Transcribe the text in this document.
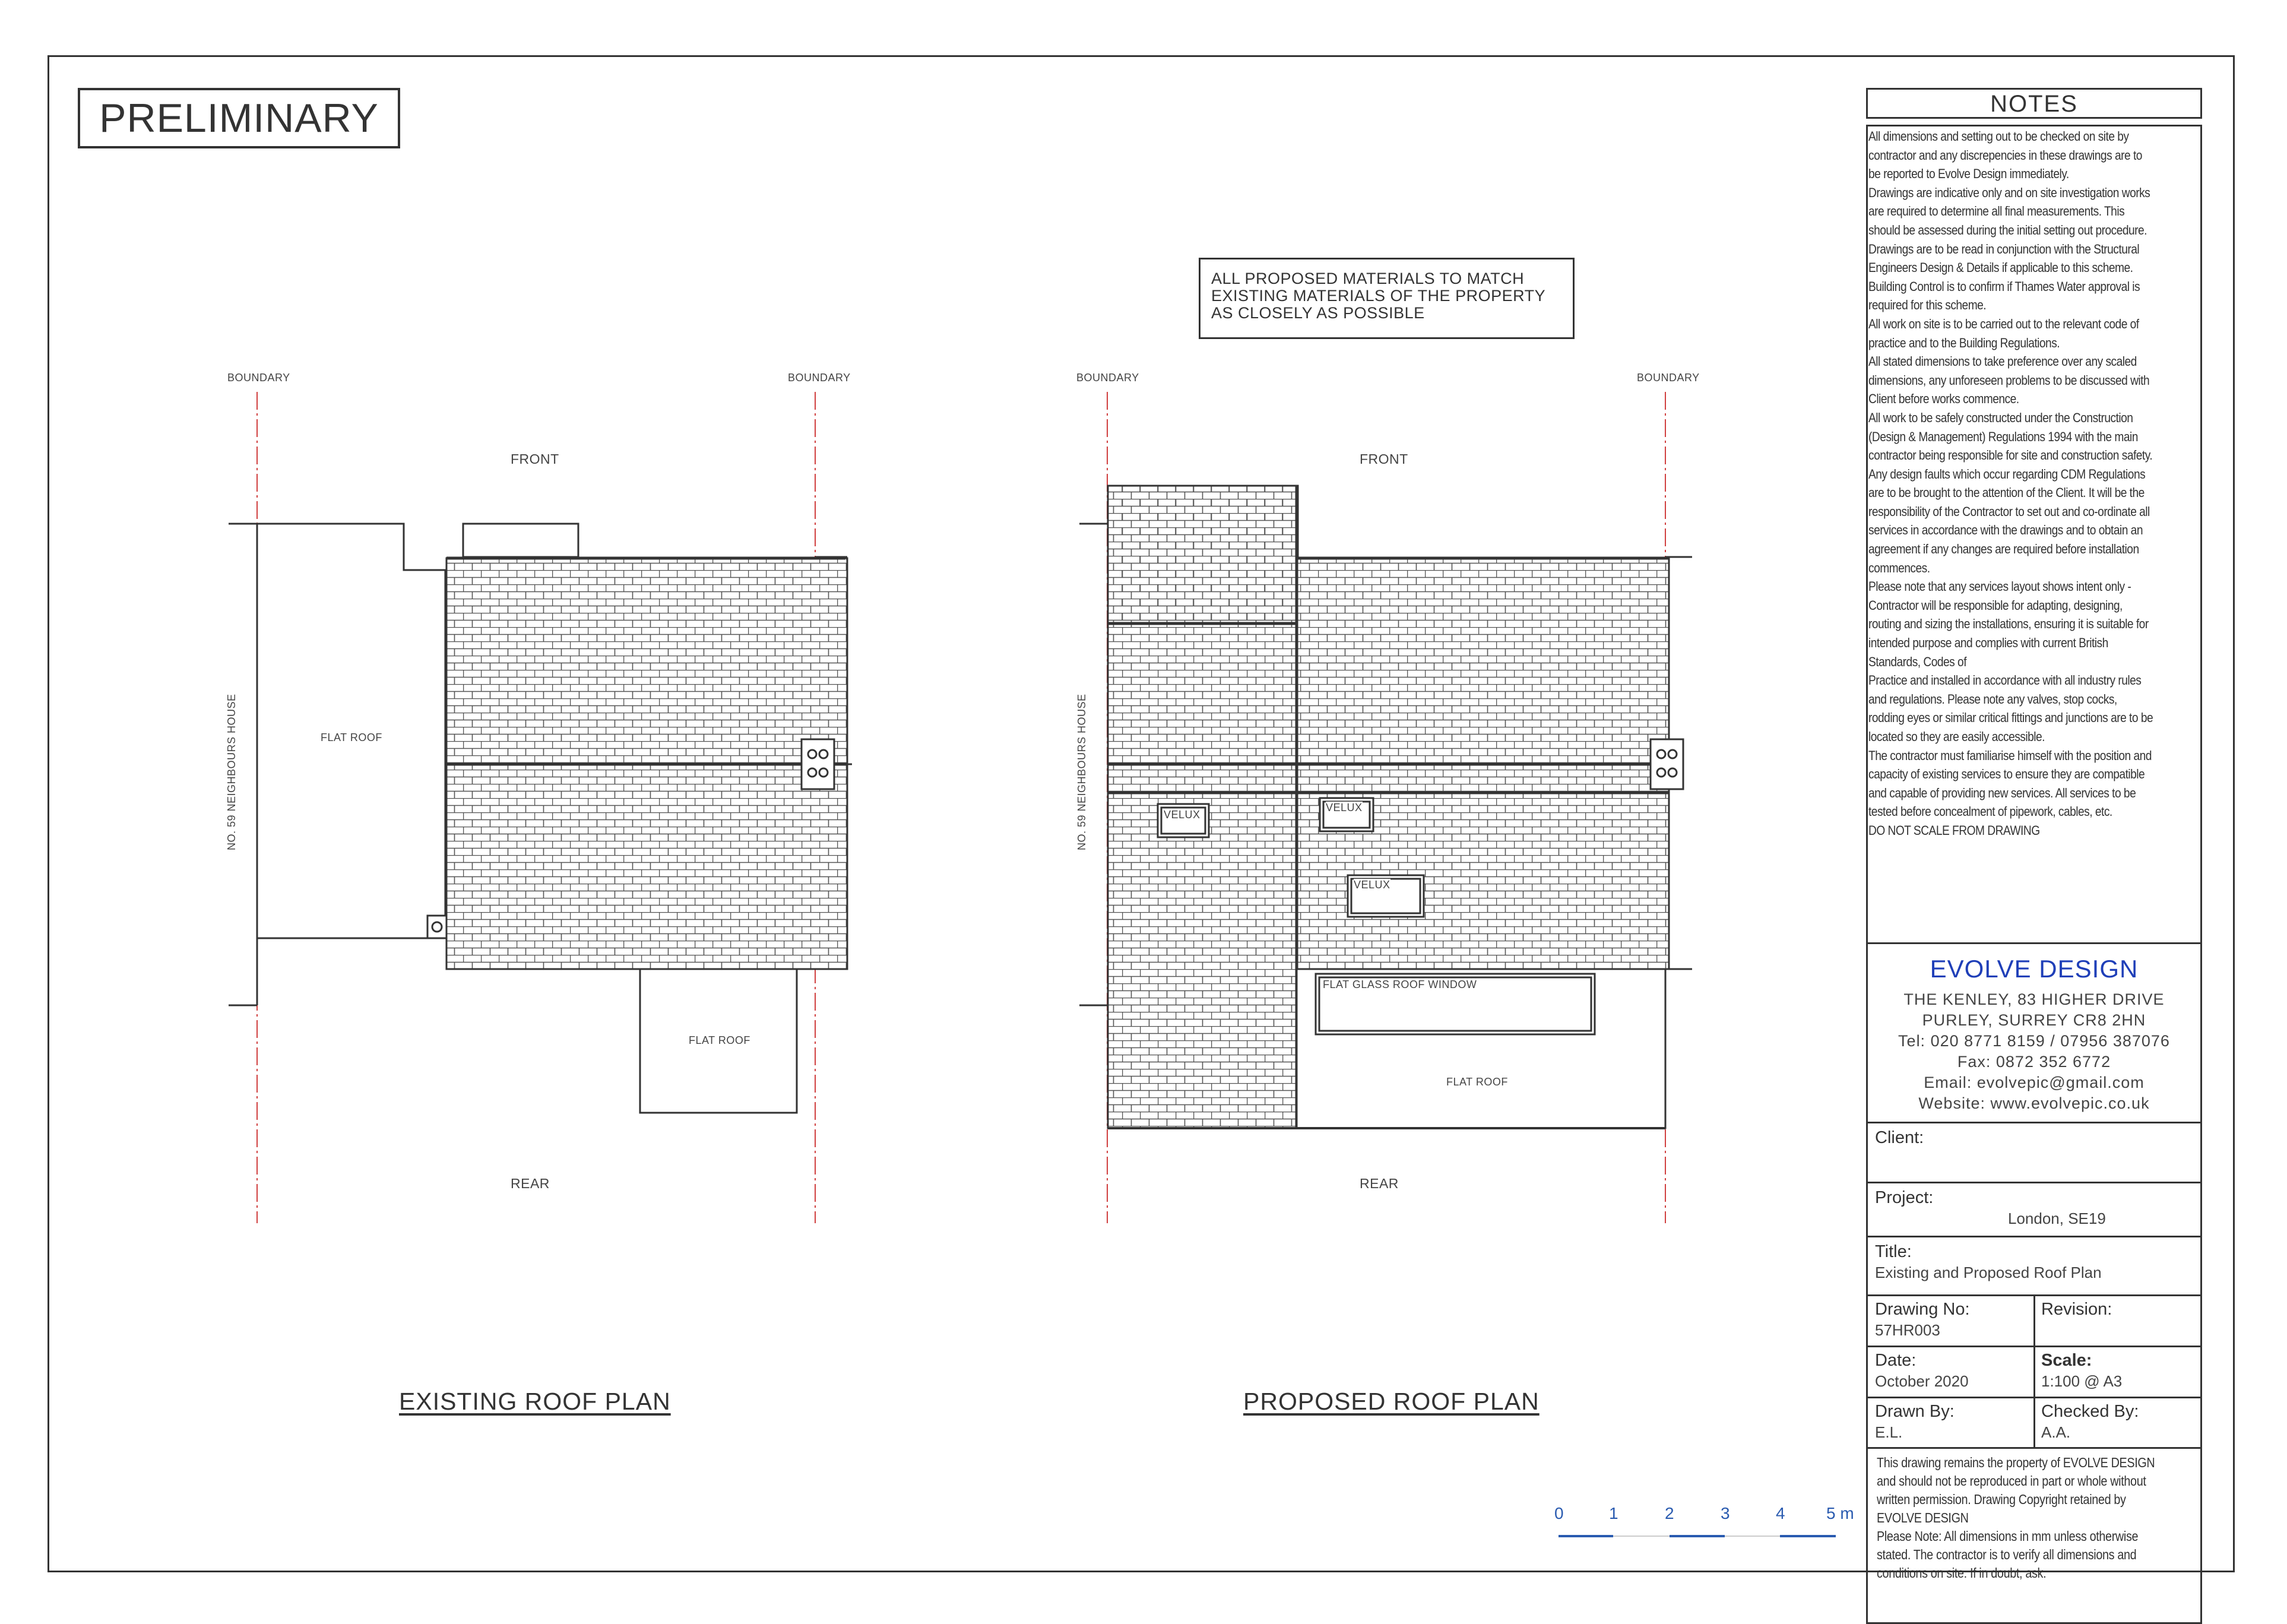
PRELIMINARY
BOUNDARY	BOUNDARY
FRONT
REAR
NO. 59 NEIGHBOURS HOUSE	FLAT ROOF
FLAT ROOF
EXISTING ROOF PLAN
BOUNDARY	BOUNDARY
FRONT
REAR
NO. 59 NEIGHBOURS HOUSE	VELUX
VELUX
VELUX
FLAT GLASS ROOF WINDOW
FLAT ROOF
PROPOSED ROOF PLAN
ALL PROPOSED MATERIALS TO MATCH
EXISTING MATERIALS OF THE PROPERTY
AS CLOSELY AS POSSIBLE
0	1	2	3	4 5 m
NOTES
All dimensions and setting out to be checked on site by
contractor and any discrepencies in these drawings are to
be reported to Evolve Design immediately.
Drawings are indicative only and on site investigation works
are required to determine all final measurements. This
should be assessed during the initial setting out procedure.
Drawings are to be read in conjunction with the Structural
Engineers Design & Details if applicable to this scheme.
Building Control is to confirm if Thames Water approval is
required for this scheme.
All work on site is to be carried out to the relevant code of
practice and to the Building Regulations.
All stated dimensions to take preference over any scaled
dimensions, any unforeseen problems to be discussed with
Client before works commence.
All work to be safely constructed under the Construction
(Design & Management) Regulations 1994 with the main
contractor being responsible for site and construction safety.
Any design faults which occur regarding CDM Regulations
are to be brought to the attention of the Client. It will be the
responsibility of the Contractor to set out and co-ordinate all
services in accordance with the drawings and to obtain an
agreement if any changes are required before installation
commences.
Please note that any services layout shows intent only -
Contractor will be responsible for adapting, designing,
routing and sizing the installations, ensuring it is suitable for
intended purpose and complies with current British
Standards, Codes of
Practice and installed in accordance with all industry rules
and regulations. Please note any valves, stop cocks,
rodding eyes or similar critical fittings and junctions are to be
located so they are easily accessible.
The contractor must familiarise himself with the position and
capacity of existing services to ensure they are compatible
and capable of providing new services. All services to be
tested before concealment of pipework, cables, etc.
DO NOT SCALE FROM DRAWING
EVOLVE DESIGN
THE KENLEY, 83 HIGHER DRIVE
PURLEY, SURREY CR8 2HN
Tel: 020 8771 8159 / 07956 387076
Fax: 0872 352 6772
Email: evolvepic@gmail.com
Website: www.evolvepic.co.uk
Client:
Project:
London, SE19
Title:
Existing and Proposed Roof Plan
Drawing No:
57HR003
Revision:
Date:
October 2020
Scale:
1:100 @ A3
Drawn By:
E.L.
Checked By:
A.A.
This drawing remains the property of EVOLVE DESIGN
and should not be reproduced in part or whole without
written permission. Drawing Copyright retained by
EVOLVE DESIGN
Please Note: All dimensions in mm unless otherwise
stated. The contractor is to verify all dimensions and
conditions on site. If in doubt, ask.
